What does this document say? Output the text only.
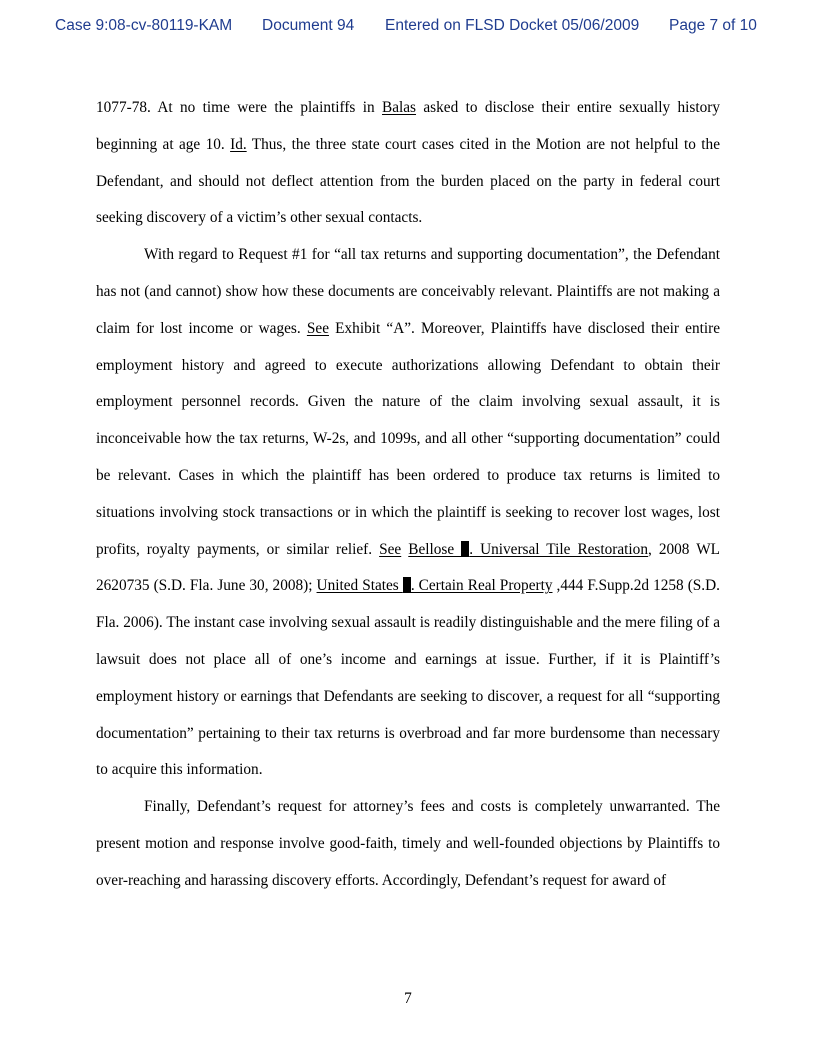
Case 9:08-cv-80119-KAM Document 94 Entered on FLSD Docket 05/06/2009 Page 7 of 10

1077-78. At no time were the plaintiffs in Balas asked to disclose their entire sexually history beginning at age 10. Id. Thus, the three state court cases cited in the Motion are not helpful to the Defendant, and should not deflect attention from the burden placed on the party in federal court seeking discovery of a victim’s other sexual contacts.

With regard to Request #1 for “all tax returns and supporting documentation”, the Defendant has not (and cannot) show how these documents are conceivably relevant. Plaintiffs are not making a claim for lost income or wages. See Exhibit “A”. Moreover, Plaintiffs have disclosed their entire employment history and agreed to execute authorizations allowing Defendant to obtain their employment personnel records. Given the nature of the claim involving sexual assault, it is inconceivable how the tax returns, W-2s, and 1099s, and all other “supporting documentation” could be relevant. Cases in which the plaintiff has been ordered to produce tax returns is limited to situations involving stock transactions or in which the plaintiff is seeking to recover lost wages, lost profits, royalty payments, or similar relief. See Bellose . Universal Tile Restoration, 2008 WL 2620735 (S.D. Fla. June 30, 2008); United States . Certain Real Property ,444 F.Supp.2d 1258 (S.D. Fla. 2006). The instant case involving sexual assault is readily distinguishable and the mere filing of a lawsuit does not place all of one’s income and earnings at issue. Further, if it is Plaintiff’s employment history or earnings that Defendants are seeking to discover, a request for all “supporting documentation” pertaining to their tax returns is overbroad and far more burdensome than necessary to acquire this information.

Finally, Defendant’s request for attorney’s fees and costs is completely unwarranted. The present motion and response involve good-faith, timely and well-founded objections by Plaintiffs to over-reaching and harassing discovery efforts. Accordingly, Defendant’s request for award of

7
